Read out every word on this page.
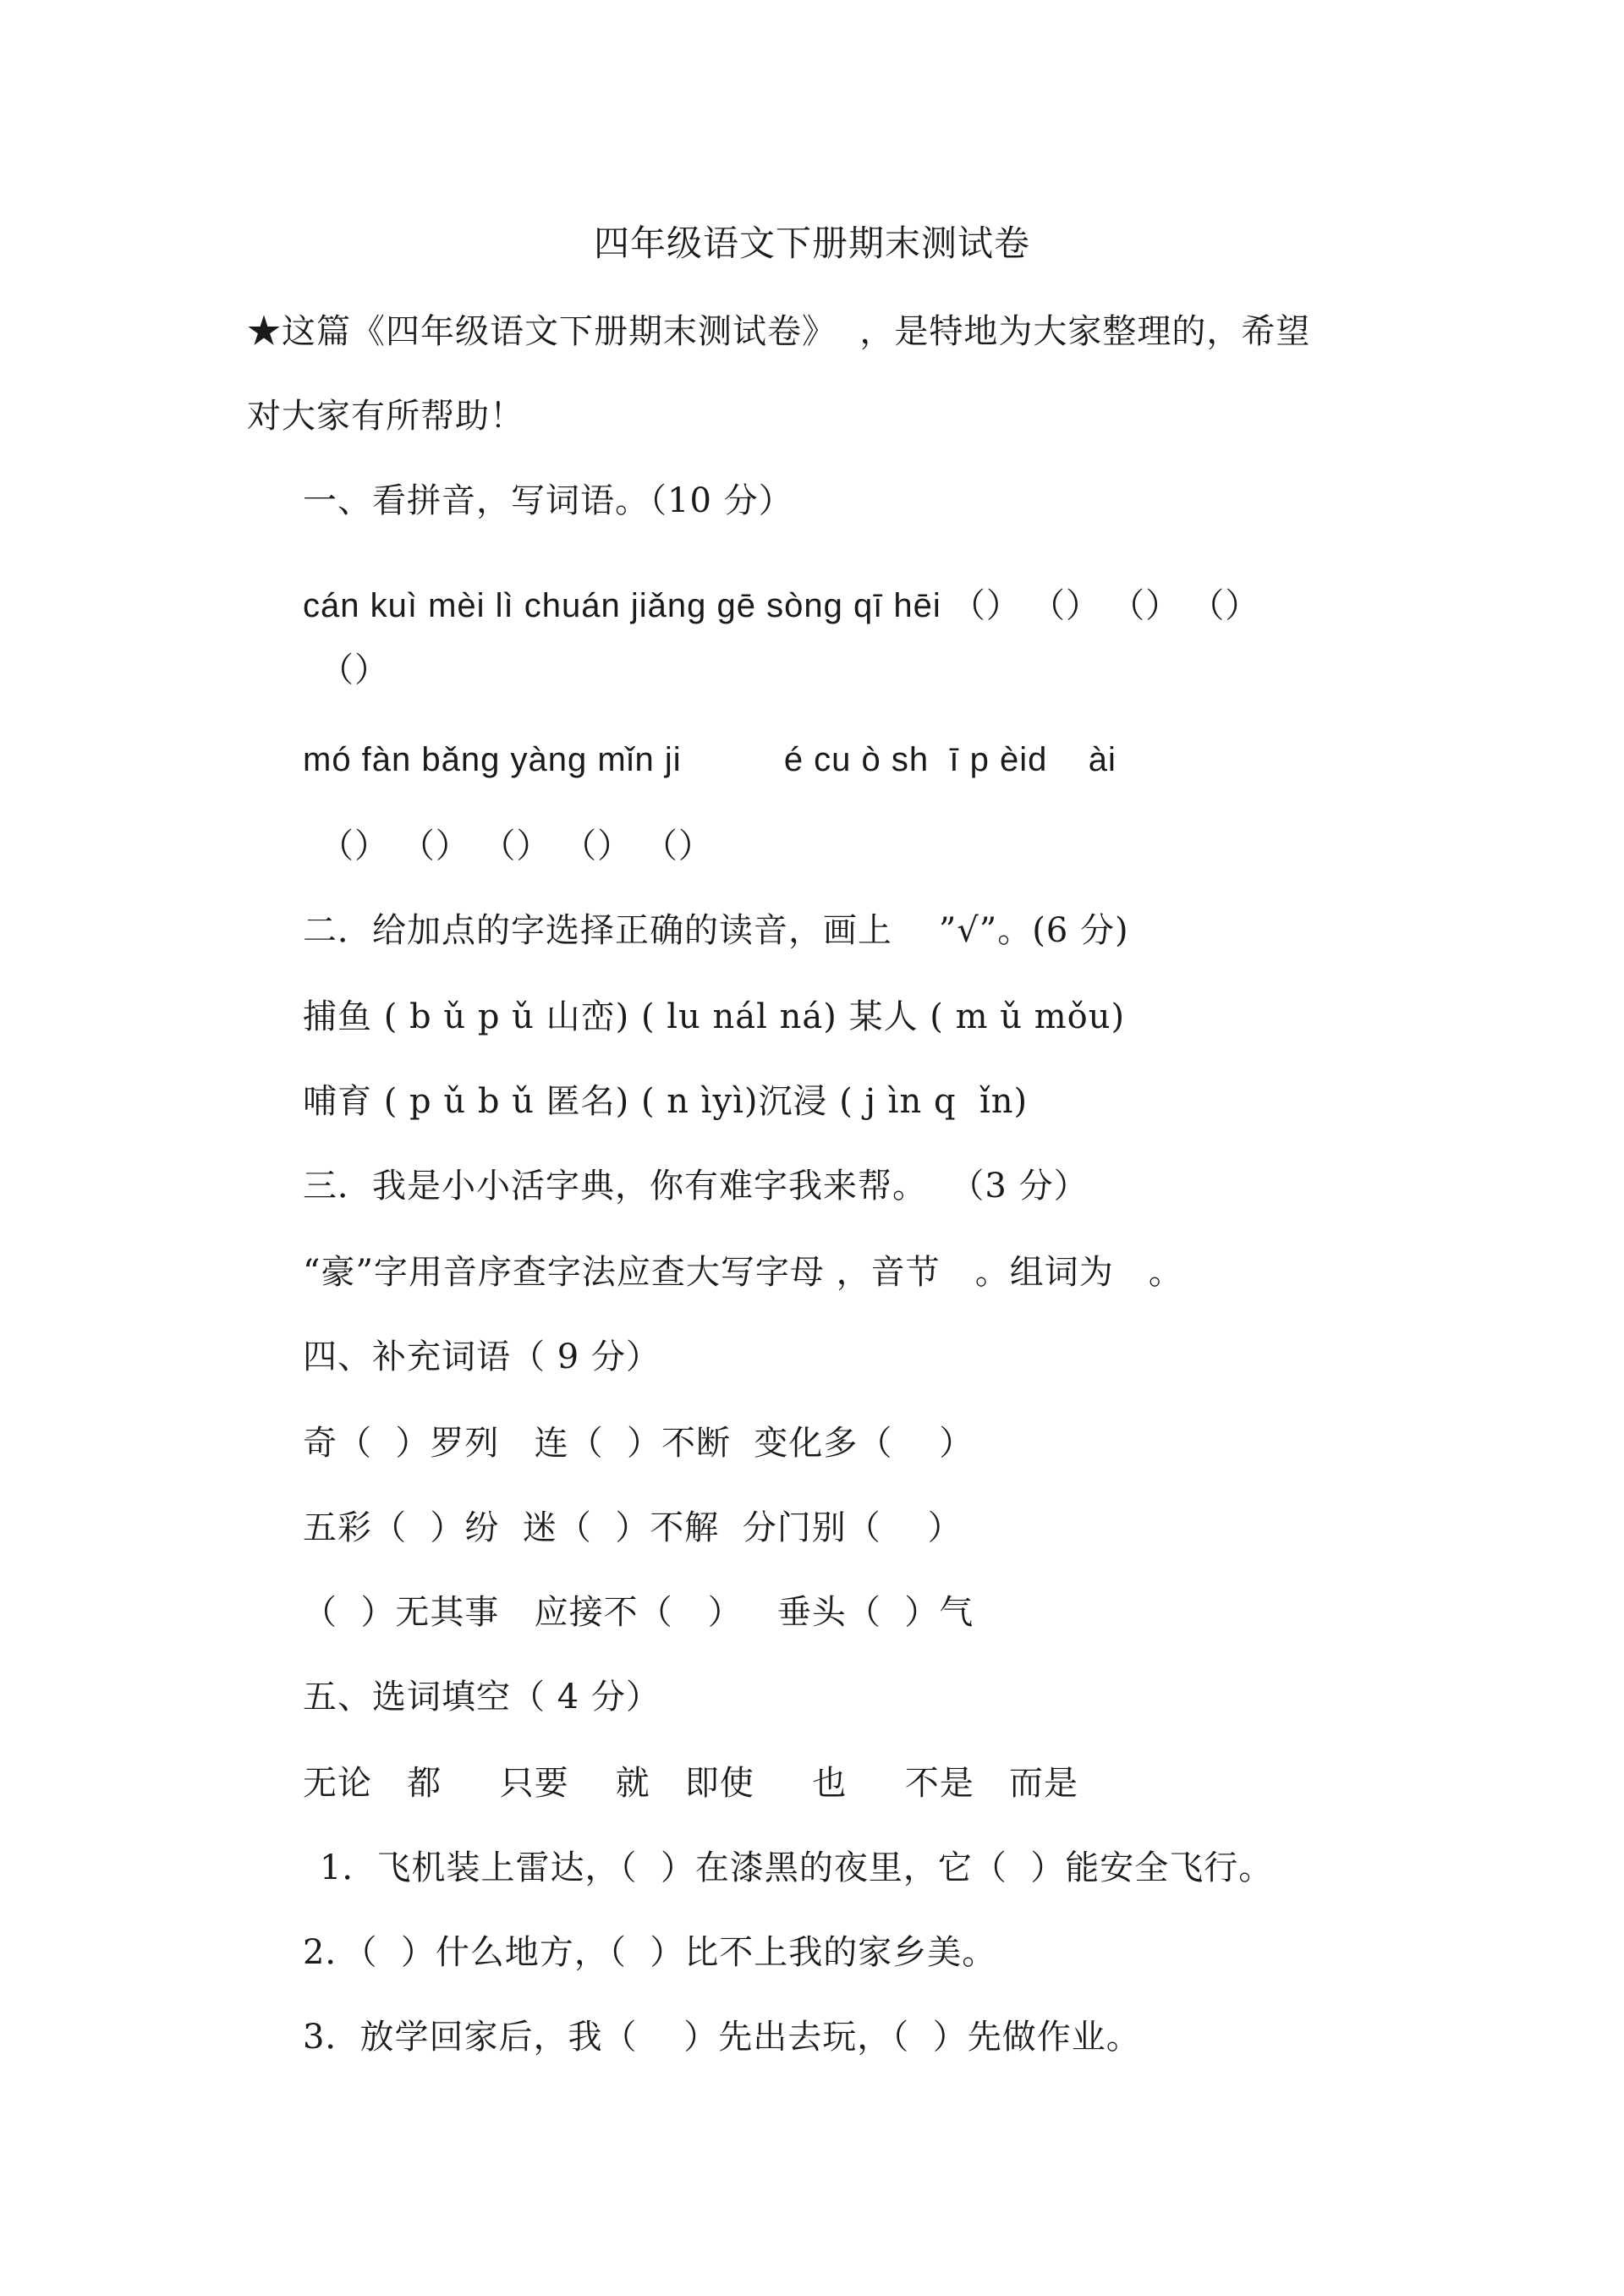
四年级语文下册期末测试卷
★这篇《四年级语文下册期末测试卷》  ，是特地为大家整理的，希望
对大家有所帮助！
一、看拼音，写词语。（10 分）
cán kuì mèi lì chuán jiǎng gē sòng qī hēi （） （） （） （）
（）
mó fàn bǎng yàng mǐn ji          é cu ò sh  ī p èid    ài
（） （） （） （） （）
二．给加点的字选择正确的读音，画上    ”√”。(6 分)
捕鱼 ( b ǔ p ǔ 山峦) ( lu nál ná) 某人 ( m ǔ mǒu)
哺育 ( p ǔ b ǔ 匿名) ( n ìyì)沉浸 ( j ìn q  ǐn)
三．我是小小活字典，你有难字我来帮。  （3 分）
“豪”字用音序查字法应查大写字母 ，音节   。组词为   。
四、补充词语（ 9 分）
奇（  ）罗列   连（  ）不断  变化多（    ）
五彩（  ）纷  迷（  ）不解  分门别（    ）
（  ）无其事   应接不（   ）   垂头（  ）气
五、选词填空（ 4 分）
无论   都     只要    就   即使     也     不是   而是
1．飞机装上雷达，（  ）在漆黑的夜里，它（  ）能安全飞行。
2．（  ）什么地方，（  ）比不上我的家乡美。
3．放学回家后，我（    ）先出去玩，（  ）先做作业。
